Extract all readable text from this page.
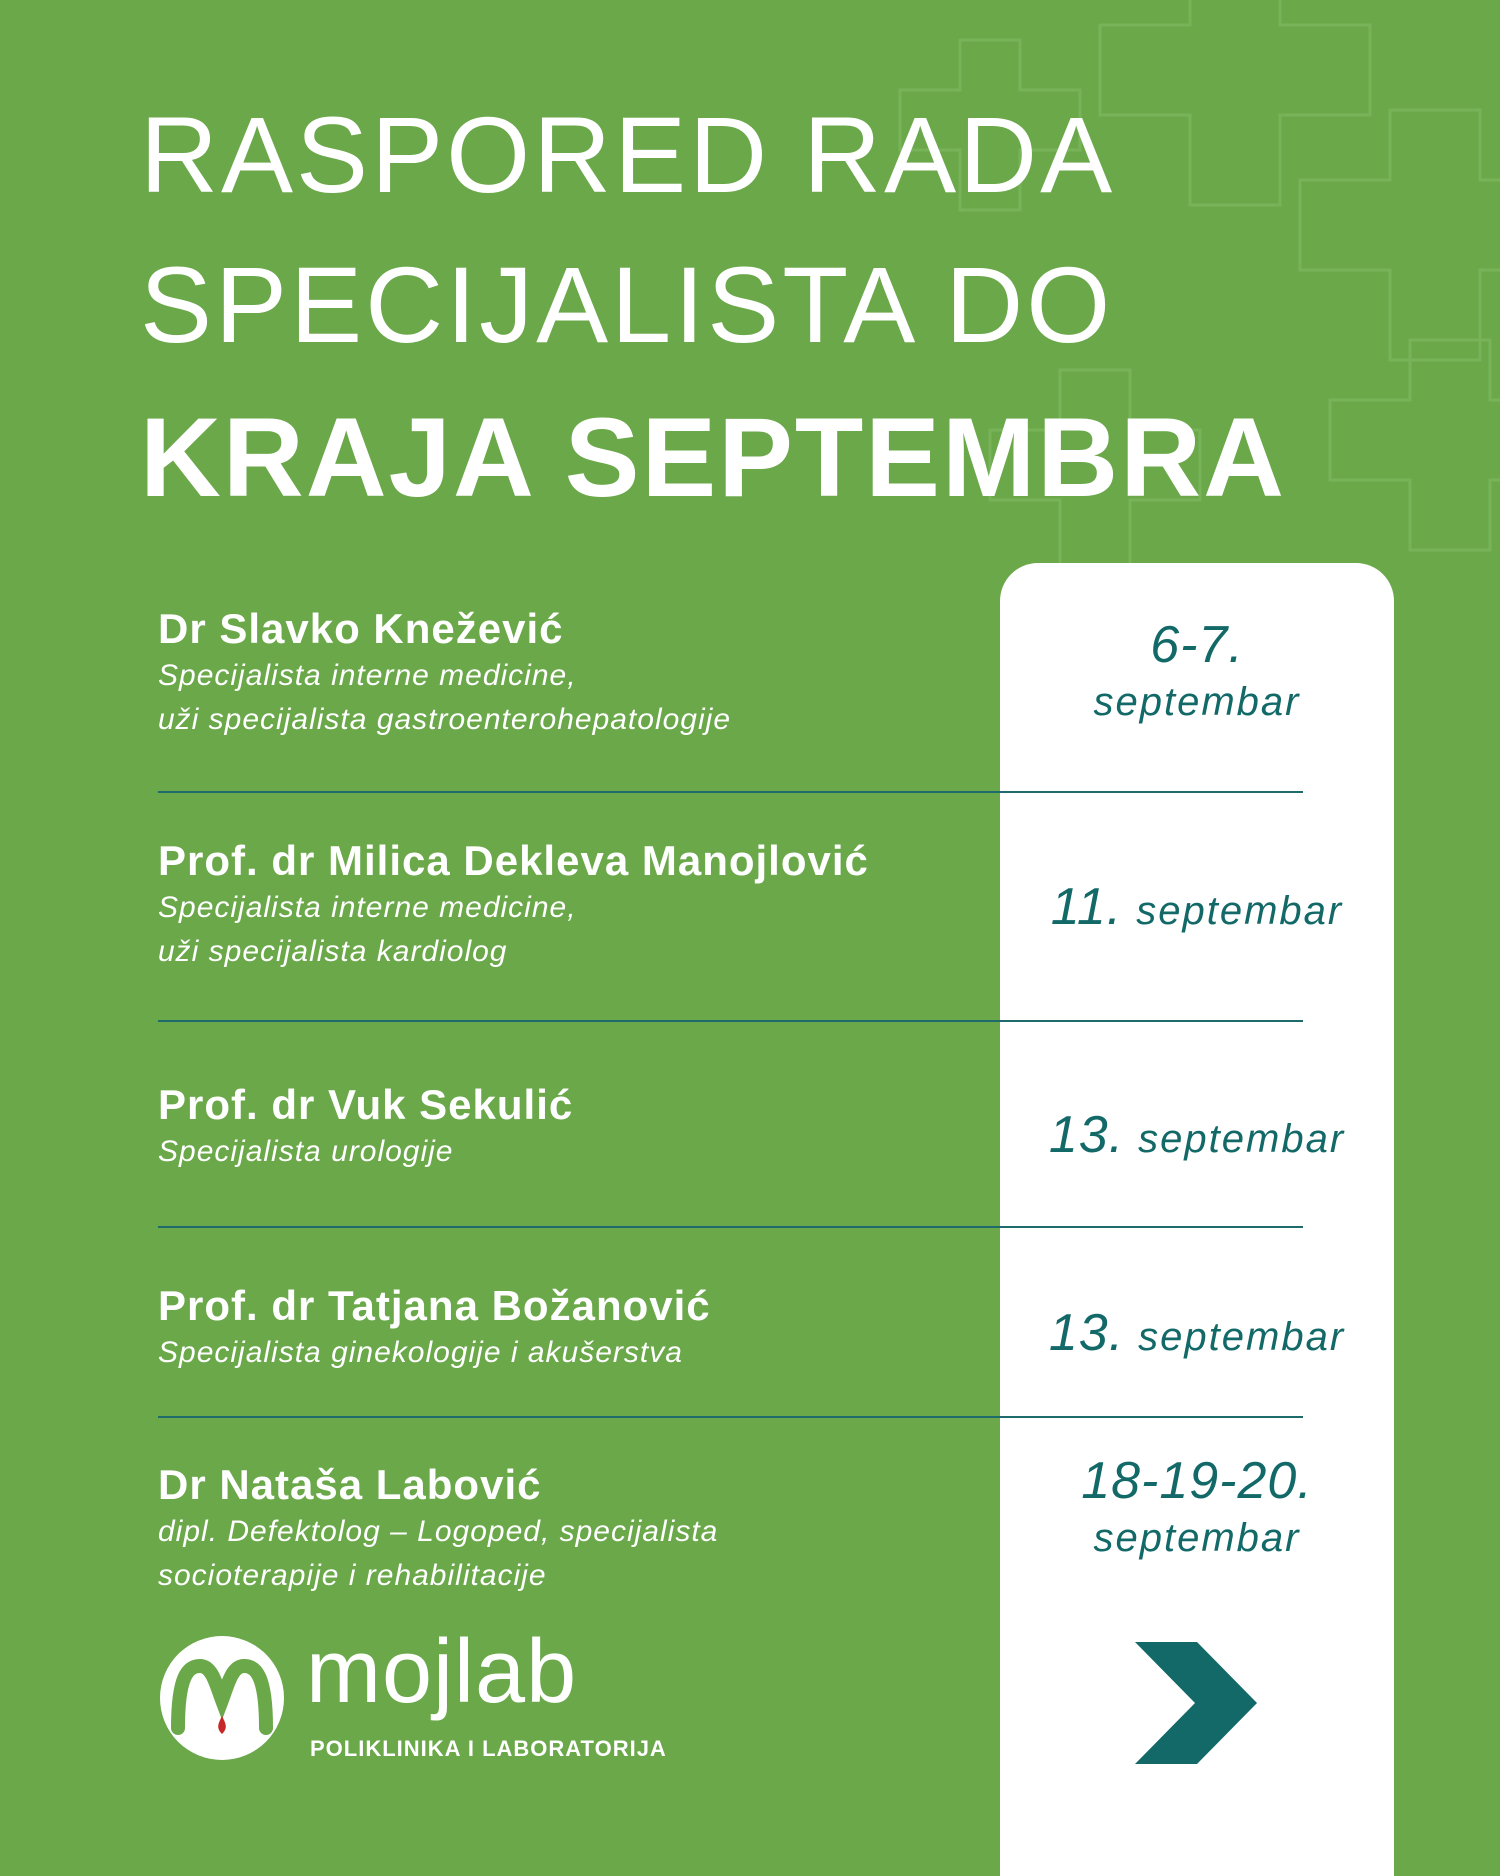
RASPORED RADA
SPECIJALISTA DO
KRAJA SEPTEMBRA
Dr Slavko Knežević
Specijalista interne medicine,
uži specijalista gastroenterohepatologije
6-7.
septembar
Prof. dr Milica Dekleva Manojlović
Specijalista interne medicine,
uži specijalista kardiolog
11. septembar
Prof. dr Vuk Sekulić
Specijalista urologije	13. septembar
Prof. dr Tatjana Božanović
Specijalista ginekologije i akušerstva	13. septembar
Dr Nataša Labović
dipl. Defektolog – Logoped, specijalista
socioterapije i rehabilitacije
18-19-20.
septembar
mojlab
POLIKLINIKA I LABORATORIJA
